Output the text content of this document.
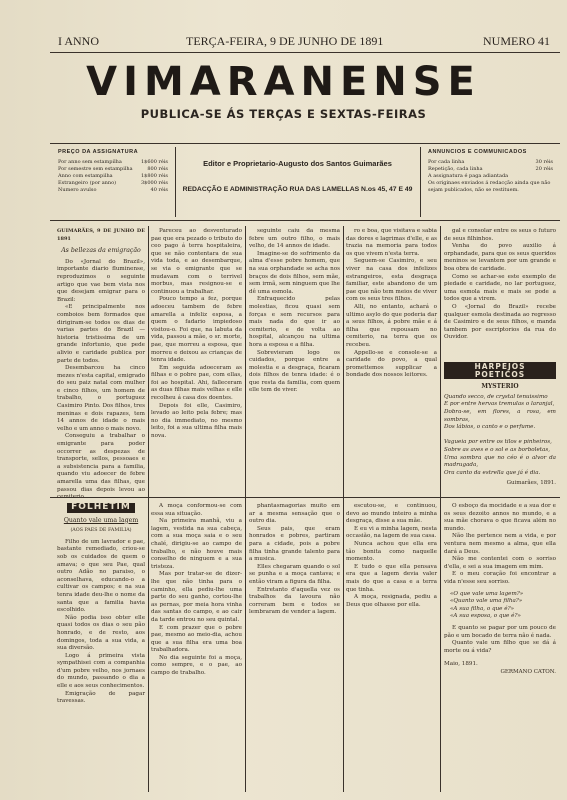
I ANNO	TERÇA-FEIRA, 9 DE JUNHO DE 1891	NUMERO 41
VIMARANENSE
PUBLICA-SE ÁS TERÇAS E SEXTAS-FEIRAS
PREÇO DA ASSIGNATURA
Por anno sem estampilha	1$600 réis
Por semestre sem estampilha	800 réis
Anno com estampilha	1$800 réis
Estrangeiro (por anno)	3$000 réis
Numero avulso	40 réis
Editor e Proprietario-Augusto dos Santos Guimarães
REDACÇÃO E ADMINISTRAÇÃO RUA DAS LAMELLAS N.os 45, 47 E 49
ANNUNCIOS E COMMUNICADOS
Por cada linha	30 réis
Repetição, cada linha	20 réis
A assignatura é paga adiantada
Os originaes enviados á redacção ainda que não sejam publicados, não se restituem.
GUIMARÃES, 9 DE JUNHO DE 1891
As bellezas da emigração

Do «Jornal do Brazil», importante diario fluminense, reproduzimos o seguinte artigo que vae bem vista nos que desejam emigrar para o Brazil:

«E principalmente nos comboios bem formados que dirigiram-se todos os dias de varias partes do Brazil — historia tristissima de um grande infortunio, que pede alivio e caridade publica por parte de todos.

Desembarcou ha cinco mezes n'esta capital, emigrado do seu paiz natal com mulher e cinco filhos, um homem de trabalho, o portuguez Casimiro Pinto. Dos filhos, tres meninas e dois rapazes, tem 14 annos de idade o mais velho e um anno o mais novo.

Conseguiu a trabalhar o emigrante para poder occorrer as despezas de transporte, sellos, pessoaes e a subsistencia para a familia, quando viu adoecer de febre amarella uma das filhas, que passou dias depois levou ao cemiterio.

FOLHETIM
Quanto vale uma lagem
(AOS PAES DE FAMILIA)

Filho de um lavrador e pae, bastante remediado, criou-se sob os cuidados de quem o amava; o que seu Pae, qual outro Adão no paraiso, o aconselhava, educando-o a cultivar os campos; e na sua tenra idade deu-lhe o nome da santa que a familia havia escolhido.

Não podia isso obter elle quasi todos os dias o seu pão honrado, e de resto, aos domingos, toda a sua vida, a sua diversão.

Logo á primeira vista sympathisei com a companhia d'um pobre velho, nos jornaes do mundo, passando o dia a elle e aos seus conhecimentos.

Emigração de pagar travessas.

Pareceu ao desventurado pae que era pezado o tributo do ceo pago á terra hospitaleira, que se não contentara de sua vida toda, e ao desembarque, se via o emigrante que se mudavam com o terrivel morbus, mas resignou-se e continuou a trabalhar.

Pouco tempo a fez, porque adoeceu tambem de febre amarella a infeliz esposa, a quem o fadario impiedoso visitou-o. Foi que, na labuta da vida, passou a mãe, o sr. morte, pae, que morreu a esposa, que morreu e deixou as crianças de tenra idade.

Em seguida adoeceram as filhas e o pobre pae, com ellas, foi ao hospital. Ahi, falleceram as duas filhas mais velhas e elle recolheu á casa dos doentes.

Depois foi elle, Casimiro, levado ao leito pela febre; mas no dia immediato, no mesmo leito, foi a sua ultima filha mais nova.

A moça conformou-se com essa sua situação.

Na primeira manhã, viu a lagem, vestida na sua cabeça, com a sua moça saia e o seu chalé, dirigiu-se ao campo de trabalho, e não houve mais conselho de ninguem e a sua tristeza.

Mas por tratar-se de dizer-lhe que não tinha para o caminho, ella pediu-lhe uma parte do seu ganho, cortou-lhe as pernas, por meia hora vinha das santas do campo, e ao cair da tarde entrou no seu quintal.

E com prazer que o pobre pae, mesmo ao meio-dia, achou que a sua filha era uma boa trabalhadora.

No dia seguinte foi a moça, como sempre, e o pae, ao campo de trabalho.

seguinte caiu da mesma febre um outro filho, o mais velho, de 14 annos de idade.

Imagine-se do sofrimento da alma d'esse pobre homem, que na sua orphandade se acha nos braços de dois filhos, sem mãe, sem irmã, sem ninguem que lhe dê uma esmola.

Enfraquecido pelas molestias, ficou quasi sem forças e sem recursos para mais nada do que ir ao cemiterio, e de volta ao hospital, alcançou na ultima hora a esposa e a filha.

Sobrevieram logo os cuidados, porque entre a molestia e a desgraça, ficaram dois filhos de tenra idade: é o que resta da familia, com quem elle tem de viver.

phantasmagorias muito em ar a mesma sensação que o outro dia.

Seus pais, que eram honrados e pobres, partiram para a cidade, pois a pobre filha tinha grande talento para a musica.

Elles chegaram quando o sol se punha e a moça cantava; e então viram a figura da filha.

Entretanto d'aquella vez os trabalhos da lavoura não correram bem e todos se lembraram de vender a lagem.

ro e boa, que visitava e sabia das dores e lagrimas d'elle, e as trazia na memoria para todos os que vivem n'esta terra.

Seguem-se Casimiro, e seu viver na casa dos infelizes estrangeiros, esta desgraça familiar, este abandono de um pae que não tem meios de viver com os seus tres filhos.

Alli, no entanto, achará o ultimo asylo do que poderia dar a seus filhos, á pobre mãe e á filha que repousam no cemiterio, na terra que os recebeu.

Appello-se e console-se a caridade do povo, a qual promettemos supplicar a bondade dos nossos leitores.

escutou-se, e continuou, devo ao mundo inteiro a minha desgraça, disse a sua mãe.

E eu vi a minha lagem, nesta occasião, na lagem de sua casa.

Nunca achou que ella era tão bonita como naquelle momento.

E tudo o que ella pensava era que a lagem devia valer mais do que a casa e a terra que tinha.

A moça, resignada, pediu a Deus que olhasse por ella.

gal e consolar entre os seus o futuro de seus filhinhos.

Venha do povo auxilio á orphandade, para que os seus queridos meninos se levantem por um grande e boa obra de caridade.

Como se achar-se este exemplo de piedade e caridade, no lar portuguez, uma esmola mais e mais se pode a todos que a virem.

O «Jornal do Brazil» recebe qualquer esmola destinada ao regresso de Casimiro e de seus filhos, e manda tambem por escriptorios da rua do Ouvidor.

HARPEJOS POETICOS
MYSTERIO
Quando secco, de crystal tenuissimo
E por entre hervas tremulas o laranjal,
Dobra-se, em flores, a rosa, em sombras,
Dos lábios, o canto e o perfume.

Vagueia por entre os tilos e pinheiros,
Sobre as aves e o sol e as borboletas,
Uma sombra que no céo é o alvor da madrugada,
Ora canto da estrella que já é dia.
Guimarães, 1891.

O esboço da mocidade e a sua dor e os seus dezoito annos no mundo, e a sua mãe chorava o que ficava além no mundo.

Não lhe pertence nem a vida, e por ventura nem mesmo a alma, que ella dará a Deus.

Não me contentei com o sorriso d'ella, e sei a sua imagem em mim.

E o meu coração foi encontrar a vida n'esse seu sorriso.

«O que vale uma lagem?»
«Quanto vale uma filha?»
«A sua filha, o que é?»
«A sua esposa, o que é?»

E quanto se pagar por um pouco de pão e um bocado de terra não é nada.

Quanto vale um filho que se dá á morte ou á vida?

Maio, 1891.
GERMANO CATON.
